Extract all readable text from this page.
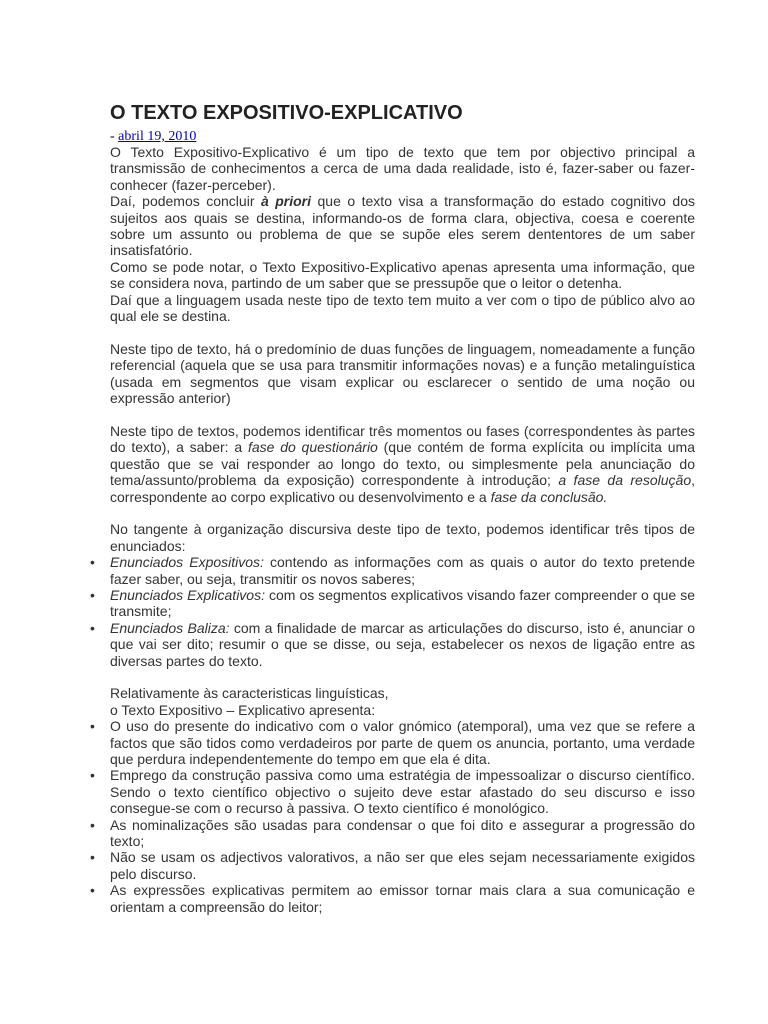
O TEXTO EXPOSITIVO-EXPLICATIVO
- abril 19, 2010

O Texto Expositivo-Explicativo é um tipo de texto que tem por objectivo principal a transmissão de conhecimentos a cerca de uma dada realidade, isto é, fazer-saber ou fazer-conhecer (fazer-perceber).

Daí, podemos concluir à priori que o texto visa a transformação do estado cognitivo dos sujeitos aos quais se destina, informando-os de forma clara, objectiva, coesa e coerente sobre um assunto ou problema de que se supõe eles serem dententores de um saber insatisfatório.

Como se pode notar, o Texto Expositivo-Explicativo apenas apresenta uma informação, que se considera nova, partindo de um saber que se pressupõe que o leitor o detenha.

Daí que a linguagem usada neste tipo de texto tem muito a ver com o tipo de público alvo ao qual ele se destina.

Neste tipo de texto, há o predomínio de duas funções de linguagem, nomeadamente a função referencial (aquela que se usa para transmitir informações novas) e a função metalinguística (usada em segmentos que visam explicar ou esclarecer o sentido de uma noção ou expressão anterior)

Neste tipo de textos, podemos identificar três momentos ou fases (correspondentes às partes do texto), a saber: a fase do questionário (que contém de forma explícita ou implícita uma questão que se vai responder ao longo do texto, ou simplesmente pela anunciação do tema/assunto/problema da exposição) correspondente à introdução; a fase da resolução, correspondente ao corpo explicativo ou desenvolvimento e a fase da conclusão.

No tangente à organização discursiva deste tipo de texto, podemos identificar três tipos de enunciados:

• Enunciados Expositivos: contendo as informações com as quais o autor do texto pretende fazer saber, ou seja, transmitir os novos saberes;
• Enunciados Explicativos: com os segmentos explicativos visando fazer compreender o que se transmite;
• Enunciados Baliza: com a finalidade de marcar as articulações do discurso, isto é, anunciar o que vai ser dito; resumir o que se disse, ou seja, estabelecer os nexos de ligação entre as diversas partes do texto.

Relativamente às caracteristicas linguísticas,

o Texto Expositivo – Explicativo apresenta:

• O uso do presente do indicativo com o valor gnómico (atemporal), uma vez que se refere a factos que são tidos como verdadeiros por parte de quem os anuncia, portanto, uma verdade que perdura independentemente do tempo em que ela é dita.
• Emprego da construção passiva como uma estratégia de impessoalizar o discurso científico. Sendo o texto científico objectivo o sujeito deve estar afastado do seu discurso e isso consegue-se com o recurso à passiva. O texto científico é monológico.
• As nominalizações são usadas para condensar o que foi dito e assegurar a progressão do texto;
• Não se usam os adjectivos valorativos, a não ser que eles sejam necessariamente exigidos pelo discurso.
• As expressões explicativas permitem ao emissor tornar mais clara a sua comunicação e orientam a compreensão do leitor;
